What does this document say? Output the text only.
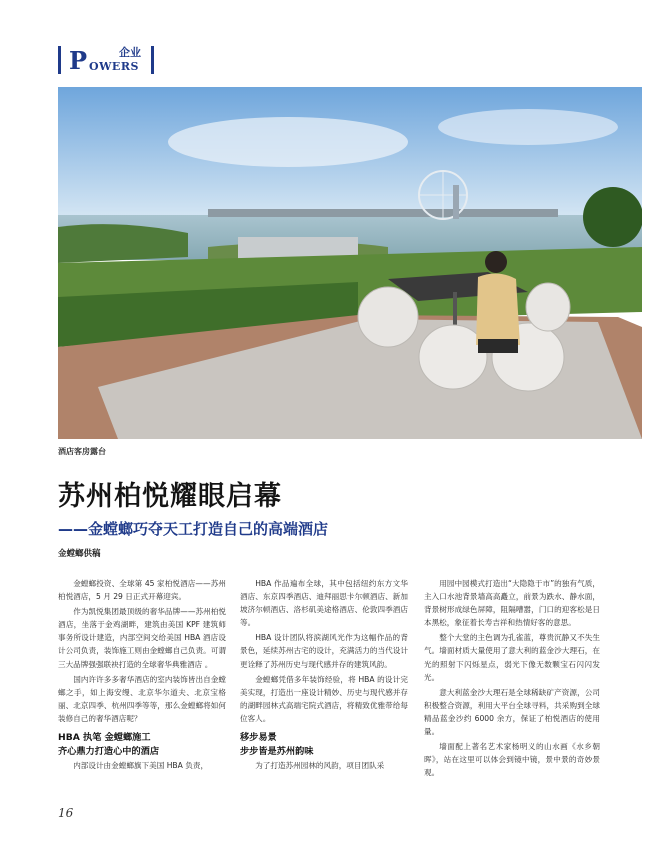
企业
P OWERS
酒店客房露台
苏州柏悦耀眼启幕
——金螳螂巧夺天工打造自己的高端酒店
金螳螂供稿

金螳螂投资、全球第 45 家柏悦酒店——苏州柏悦酒店，5 月 29 日正式开幕迎宾。

作为凯悦集团最顶级的奢华品牌——苏州柏悦酒店，坐落于金鸡湖畔，建筑由美国 KPF 建筑师事务所设计建造，内部空间交给美国 HBA 酒店设计公司负责，装饰施工则由金螳螂自己负责。可谓三大品牌强强联袂打造的全球奢华典雅酒店 。

国内许许多多奢华酒店的室内装饰皆出自金螳螂之手，如上海安缦、北京华尔道夫、北京宝格丽、北京四季、杭州四季等等，那么金螳螂将如何装修自己的奢华酒店呢？

HBA 执笔 金螳螂施工
齐心鼎力打造心中的酒店

内部设计由金螳螂旗下美国 HBA 负责，

HBA 作品遍布全球，其中包括纽约东方文华酒店、东京四季酒店、迪拜丽思卡尔顿酒店、新加坡济尔顿酒店、洛杉矶美途格酒店、伦敦四季酒店等。

HBA 设计团队将滨湖风光作为这幅作品的背景色，延续苏州古宅的设计，充满活力的当代设计更诠释了苏州历史与现代感并存的建筑风韵。

金螳螂凭借多年装饰经验，将 HBA 的设计完美实现，打造出一座设计精妙、历史与现代感并存的湖畔园林式高端宅院式酒店，将精致优雅带给每位客人。

移步易景
步步皆是苏州韵味

为了打造苏州园林的风韵，项目团队采

用园中园模式打造出“大隐隐于市”的独有气质，主入口水池背景墙高高矗立，前景为跌水、静水面，背景树形成绿色屏障，阻隔嘈嚣，门口的迎客松是日本黑松，象征着长寿吉祥和热情好客的意思。

整个大堂的主色调为孔雀蓝，尊贵沉静又不失生气。墙面材质大量使用了意大利的蓝金沙大理石，在光的照射下闪烁星点，弱光下像无数颗宝石闪闪发光。

意大利蓝金沙大理石是全球稀缺矿产资源，公司积极整合资源，利用大平台全球寻料，共采购到全球精品蓝金沙约 6000 余方，保证了柏悦酒店的使用量。

墙面配上著名艺术家杨明义的山水画《水乡朝晖》，站在这里可以体会到镜中镜，景中景的奇妙景观。

16
